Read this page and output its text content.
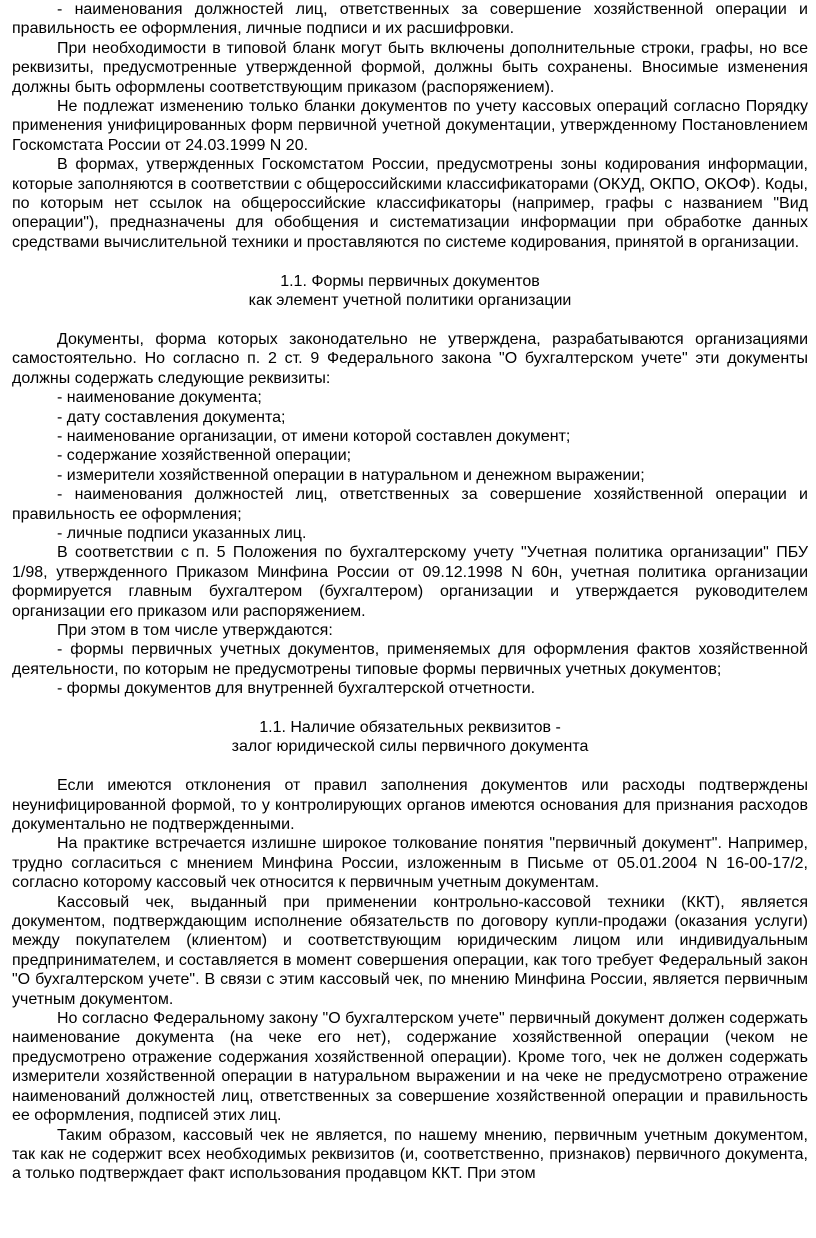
- наименования должностей лиц, ответственных за совершение хозяйственной операции и правильность ее оформления, личные подписи и их расшифровки.

При необходимости в типовой бланк могут быть включены дополнительные строки, графы, но все реквизиты, предусмотренные утвержденной формой, должны быть сохранены. Вносимые изменения должны быть оформлены соответствующим приказом (распоряжением).

Не подлежат изменению только бланки документов по учету кассовых операций согласно Порядку применения унифицированных форм первичной учетной документации, утвержденному Постановлением Госкомстата России от 24.03.1999 N 20.

В формах, утвержденных Госкомстатом России, предусмотрены зоны кодирования информации, которые заполняются в соответствии с общероссийскими классификаторами (ОКУД, ОКПО, ОКОФ). Коды, по которым нет ссылок на общероссийские классификаторы (например, графы с названием "Вид операции"), предназначены для обобщения и систематизации информации при обработке данных средствами вычислительной техники и проставляются по системе кодирования, принятой в организации.

1.1. Формы первичных документов
как элемент учетной политики организации

Документы, форма которых законодательно не утверждена, разрабатываются организациями самостоятельно. Но согласно п. 2 ст. 9 Федерального закона "О бухгалтерском учете" эти документы должны содержать следующие реквизиты:

- наименование документа;

- дату составления документа;

- наименование организации, от имени которой составлен документ;

- содержание хозяйственной операции;

- измерители хозяйственной операции в натуральном и денежном выражении;

- наименования должностей лиц, ответственных за совершение хозяйственной операции и правильность ее оформления;

- личные подписи указанных лиц.

В соответствии с п. 5 Положения по бухгалтерскому учету "Учетная политика организации" ПБУ 1/98, утвержденного Приказом Минфина России от 09.12.1998 N 60н, учетная политика организации формируется главным бухгалтером (бухгалтером) организации и утверждается руководителем организации его приказом или распоряжением.

При этом в том числе утверждаются:

- формы первичных учетных документов, применяемых для оформления фактов хозяйственной деятельности, по которым не предусмотрены типовые формы первичных учетных документов;

- формы документов для внутренней бухгалтерской отчетности.

1.1. Наличие обязательных реквизитов -
залог юридической силы первичного документа

Если имеются отклонения от правил заполнения документов или расходы подтверждены неунифицированной формой, то у контролирующих органов имеются основания для признания расходов документально не подтвержденными.

На практике встречается излишне широкое толкование понятия "первичный документ". Например, трудно согласиться с мнением Минфина России, изложенным в Письме от 05.01.2004 N 16-00-17/2, согласно которому кассовый чек относится к первичным учетным документам.

Кассовый чек, выданный при применении контрольно-кассовой техники (ККТ), является документом, подтверждающим исполнение обязательств по договору купли-продажи (оказания услуги) между покупателем (клиентом) и соответствующим юридическим лицом или индивидуальным предпринимателем, и составляется в момент совершения операции, как того требует Федеральный закон "О бухгалтерском учете". В связи с этим кассовый чек, по мнению Минфина России, является первичным учетным документом.

Но согласно Федеральному закону "О бухгалтерском учете" первичный документ должен содержать наименование документа (на чеке его нет), содержание хозяйственной операции (чеком не предусмотрено отражение содержания хозяйственной операции). Кроме того, чек не должен содержать измерители хозяйственной операции в натуральном выражении и на чеке не предусмотрено отражение наименований должностей лиц, ответственных за совершение хозяйственной операции и правильность ее оформления, подписей этих лиц.

Таким образом, кассовый чек не является, по нашему мнению, первичным учетным документом, так как не содержит всех необходимых реквизитов (и, соответственно, признаков) первичного документа, а только подтверждает факт использования продавцом ККТ. При этом
